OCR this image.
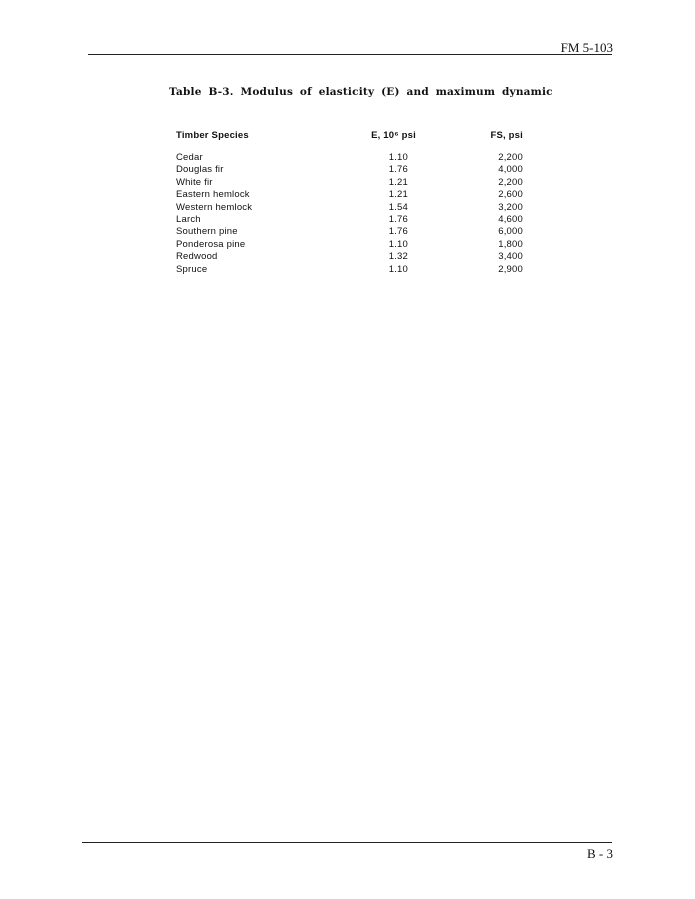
FM 5-103
Table B-3. Modulus of elasticity (E) and maximum dynamic
Timber Species	E, 10⁶ psi	FS, psi
Cedar	1.10	2,200
Douglas fir	1.76	4,000
White fir	1.21	2,200
Eastern hemlock	1.21	2,600
Western hemlock	1.54	3,200
Larch	1.76	4,600
Southern pine	1.76	6,000
Ponderosa pine	1.10	1,800
Redwood	1.32	3,400
Spruce	1.10	2,900
B - 3
